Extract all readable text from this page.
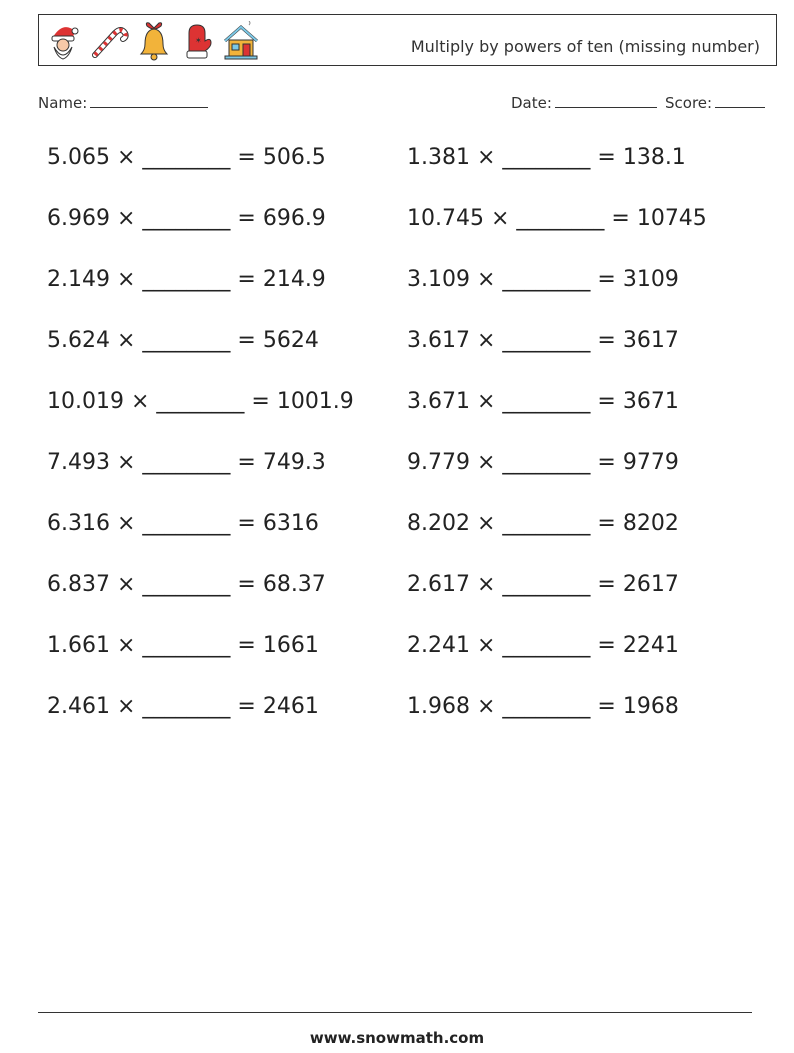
✶	Multiply by powers of ten (missing number)
Name:	Date:	Score:
5.065 × ________ = 506.5	1.381 × ________ = 138.1
6.969 × ________ = 696.9	10.745 × ________ = 10745
2.149 × ________ = 214.9	3.109 × ________ = 3109
5.624 × ________ = 5624	3.617 × ________ = 3617
10.019 × ________ = 1001.9	3.671 × ________ = 3671
7.493 × ________ = 749.3	9.779 × ________ = 9779
6.316 × ________ = 6316	8.202 × ________ = 8202
6.837 × ________ = 68.37	2.617 × ________ = 2617
1.661 × ________ = 1661	2.241 × ________ = 2241
2.461 × ________ = 2461	1.968 × ________ = 1968
www.snowmath.com
